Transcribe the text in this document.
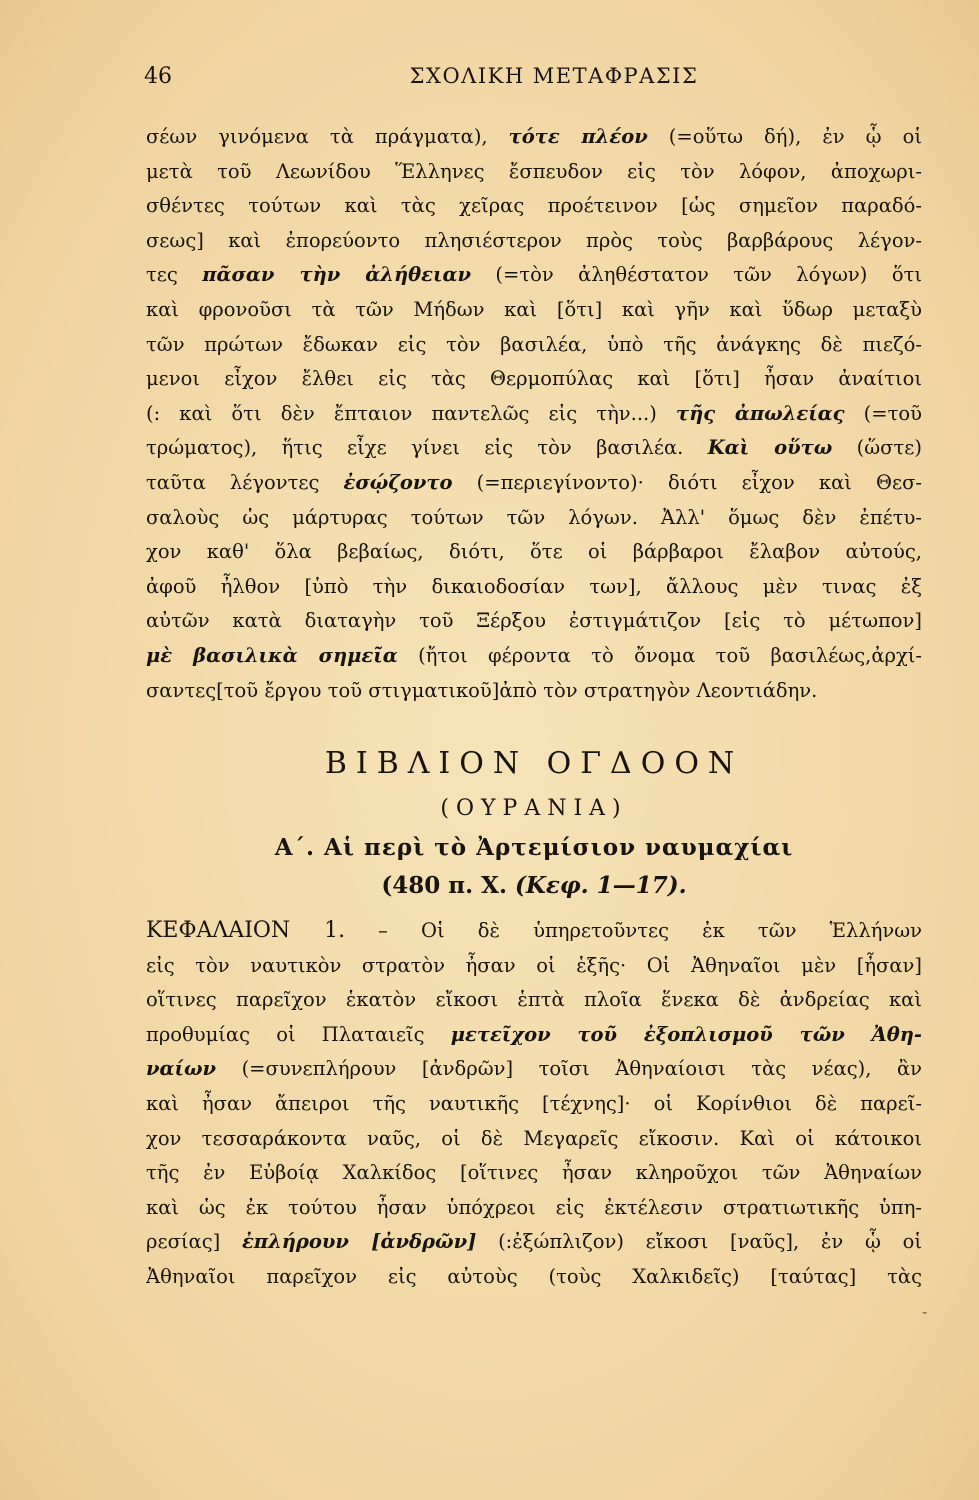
46	ΣΧΟΛΙΚΗ ΜΕΤΑΦΡΑΣΙΣ
σέων γινόμενα τὰ πράγματα), τότε πλέον (=οὕτω δή), ἐν ᾧ οἱ
μετὰ τοῦ Λεωνίδου Ἕλληνες ἔσπευδον εἰς τὸν λόφον, ἀποχωρι-
σθέντες τούτων καὶ τὰς χεῖρας προέτεινον [ὡς σημεῖον παραδό-
σεως] καὶ ἐπορεύοντο πλησιέστερον πρὸς τοὺς βαρβάρους λέγον-
τες πᾶσαν τὴν ἀλήθειαν (=τὸν ἀληθέστατον τῶν λόγων) ὅτι
καὶ φρονοῦσι τὰ τῶν Μήδων καὶ [ὅτι] καὶ γῆν καὶ ὕδωρ μεταξὺ
τῶν πρώτων ἔδωκαν εἰς τὸν βασιλέα, ὑπὸ τῆς ἀνάγκης δὲ πιεζό-
μενοι εἶχον ἔλθει εἰς τὰς Θερμοπύλας καὶ [ὅτι] ἦσαν ἀναίτιοι
(: καὶ ὅτι δὲν ἔπταιον παντελῶς εἰς τὴν...) τῆς ἀπωλείας (=τοῦ
τρώματος), ἥτις εἶχε γίνει εἰς τὸν βασιλέα. Καὶ οὕτω (ὥστε)
ταῦτα λέγοντες ἐσῴζοντο (=περιεγίνοντο)· διότι εἶχον καὶ Θεσ-
σαλοὺς ὡς μάρτυρας τούτων τῶν λόγων. Ἀλλ' ὅμως δὲν ἐπέτυ-
χον καθ' ὅλα βεβαίως, διότι, ὅτε οἱ βάρβαροι ἔλαβον αὐτούς,
ἀφοῦ ἦλθον [ὑπὸ τὴν δικαιοδοσίαν των], ἄλλους μὲν τινας ἐξ
αὐτῶν κατὰ διαταγὴν τοῦ Ξέρξου ἐστιγμάτιζον [εἰς τὸ μέτωπον]
μὲ βασιλικὰ σημεῖα (ἤτοι φέροντα τὸ ὄνομα τοῦ βασιλέως,ἀρχί-
σαντες[τοῦ ἔργου τοῦ στιγματικοῦ]ἀπὸ τὸν στρατηγὸν Λεοντιάδην.
ΒΙΒΛΙΟΝ ΟΓΔΟΟΝ
(ΟΥΡΑΝΙΑ)
Α΄. Αἱ περὶ τὸ Ἀρτεμίσιον ναυμαχίαι
(480 π. Χ. (Κεφ. 1—17).
ΚΕΦΑΛΑΙΟΝ 1. – Οἱ δὲ ὑπηρετοῦντες ἐκ τῶν Ἑλλήνων
εἰς τὸν ναυτικὸν στρατὸν ἦσαν οἱ ἑξῆς· Οἱ Ἀθηναῖοι μὲν [ἦσαν]
οἵτινες παρεῖχον ἑκατὸν εἴκοσι ἑπτὰ πλοῖα ἕνεκα δὲ ἀνδρείας καὶ
προθυμίας οἱ Πλαταιεῖς μετεῖχον τοῦ ἐξοπλισμοῦ τῶν Ἀθη-
ναίων (=συνεπλήρουν [ἀνδρῶν] τοῖσι Ἀθηναίοισι τὰς νέας), ἂν
καὶ ἦσαν ἄπειροι τῆς ναυτικῆς [τέχνης]· οἱ Κορίνθιοι δὲ παρεῖ-
χον τεσσαράκοντα ναῦς, οἱ δὲ Μεγαρεῖς εἴκοσιν. Καὶ οἱ κάτοικοι
τῆς ἐν Εὐβοίᾳ Χαλκίδος [οἵτινες ἦσαν κληροῦχοι τῶν Ἀθηναίων
καὶ ὡς ἐκ τούτου ἦσαν ὑπόχρεοι εἰς ἐκτέλεσιν στρατιωτικῆς ὑπη-
ρεσίας] ἐπλήρουν [ἀνδρῶν] (:ἐξώπλιζον) εἴκοσι [ναῦς], ἐν ᾧ οἱ
Ἀθηναῖοι παρεῖχον εἰς αὐτοὺς (τοὺς Χαλκιδεῖς) [ταύτας] τὰς
-
